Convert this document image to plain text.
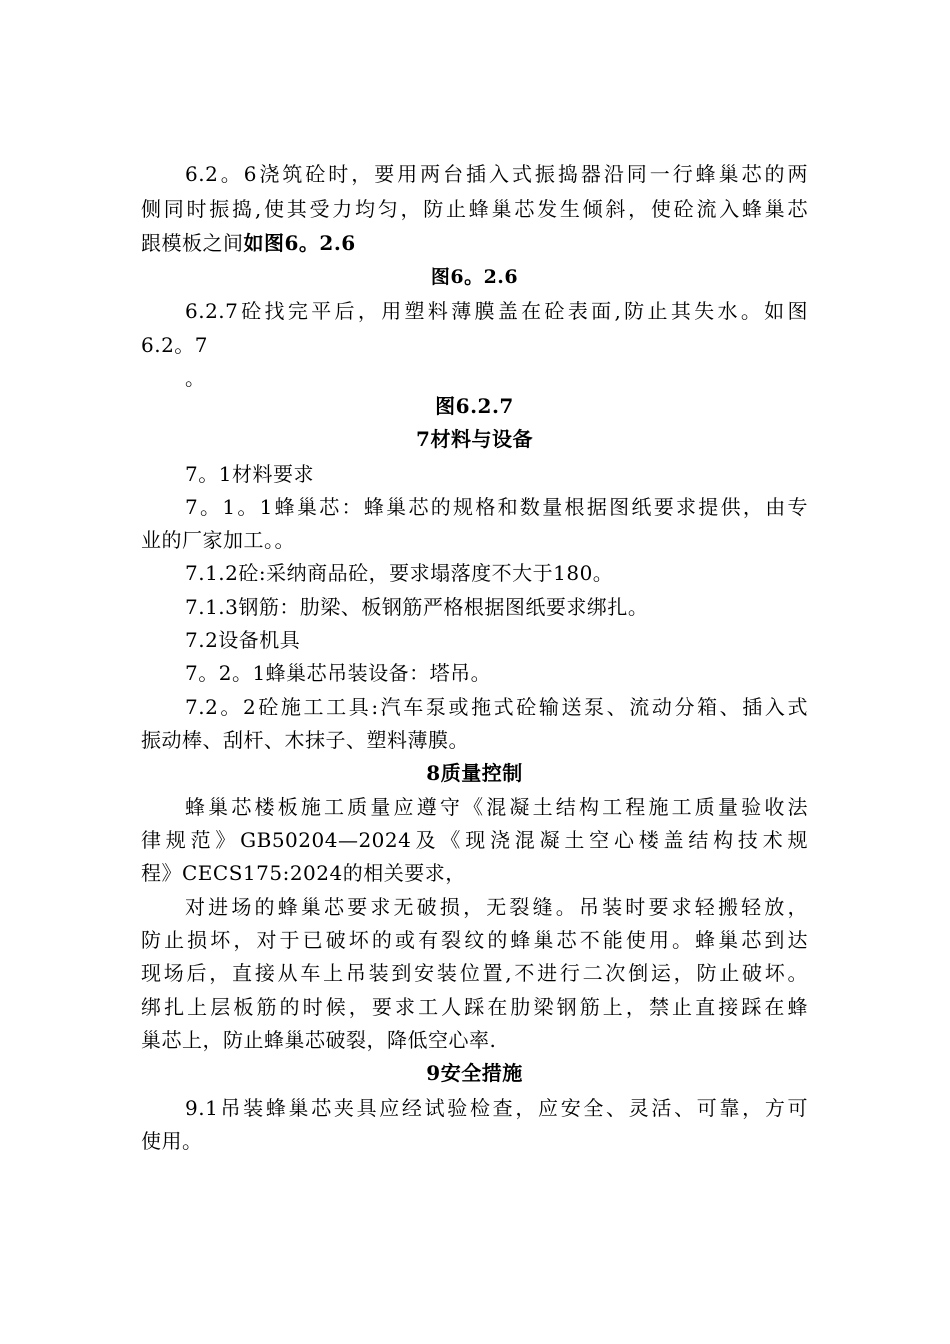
6.2。6浇筑砼时，要用两台插入式振捣器沿同一行蜂巢芯的两
侧同时振捣,使其受力均匀，防止蜂巢芯发生倾斜，使砼流入蜂巢芯
跟模板之间如图6。2.6
图6。2.6
6.2.7砼找完平后，用塑料薄膜盖在砼表面,防止其失水。如图
6.2。7
。
图6.2.7
7材料与设备
7。1材料要求
7。1。1蜂巢芯：蜂巢芯的规格和数量根据图纸要求提供，由专
业的厂家加工。。
7.1.2砼:采纳商品砼，要求塌落度不大于180。
7.1.3钢筋：肋梁、板钢筋严格根据图纸要求绑扎。
7.2设备机具
7。2。1蜂巢芯吊装设备：塔吊。
7.2。2砼施工工具:汽车泵或拖式砼输送泵、流动分箱、插入式
振动棒、刮杆、木抹子、塑料薄膜。
8质量控制
蜂巢芯楼板施工质量应遵守《混凝土结构工程施工质量验收法
律规范》GB50204—2024及《现浇混凝土空心楼盖结构技术规
程》CECS175:2024的相关要求，
对进场的蜂巢芯要求无破损，无裂缝。吊装时要求轻搬轻放，
防止损坏，对于已破坏的或有裂纹的蜂巢芯不能使用。蜂巢芯到达
现场后，直接从车上吊装到安装位置,不进行二次倒运，防止破坏。
绑扎上层板筋的时候，要求工人踩在肋梁钢筋上，禁止直接踩在蜂
巢芯上，防止蜂巢芯破裂，降低空心率.
9安全措施
9.1吊装蜂巢芯夹具应经试验检查，应安全、灵活、可靠，方可
使用。
